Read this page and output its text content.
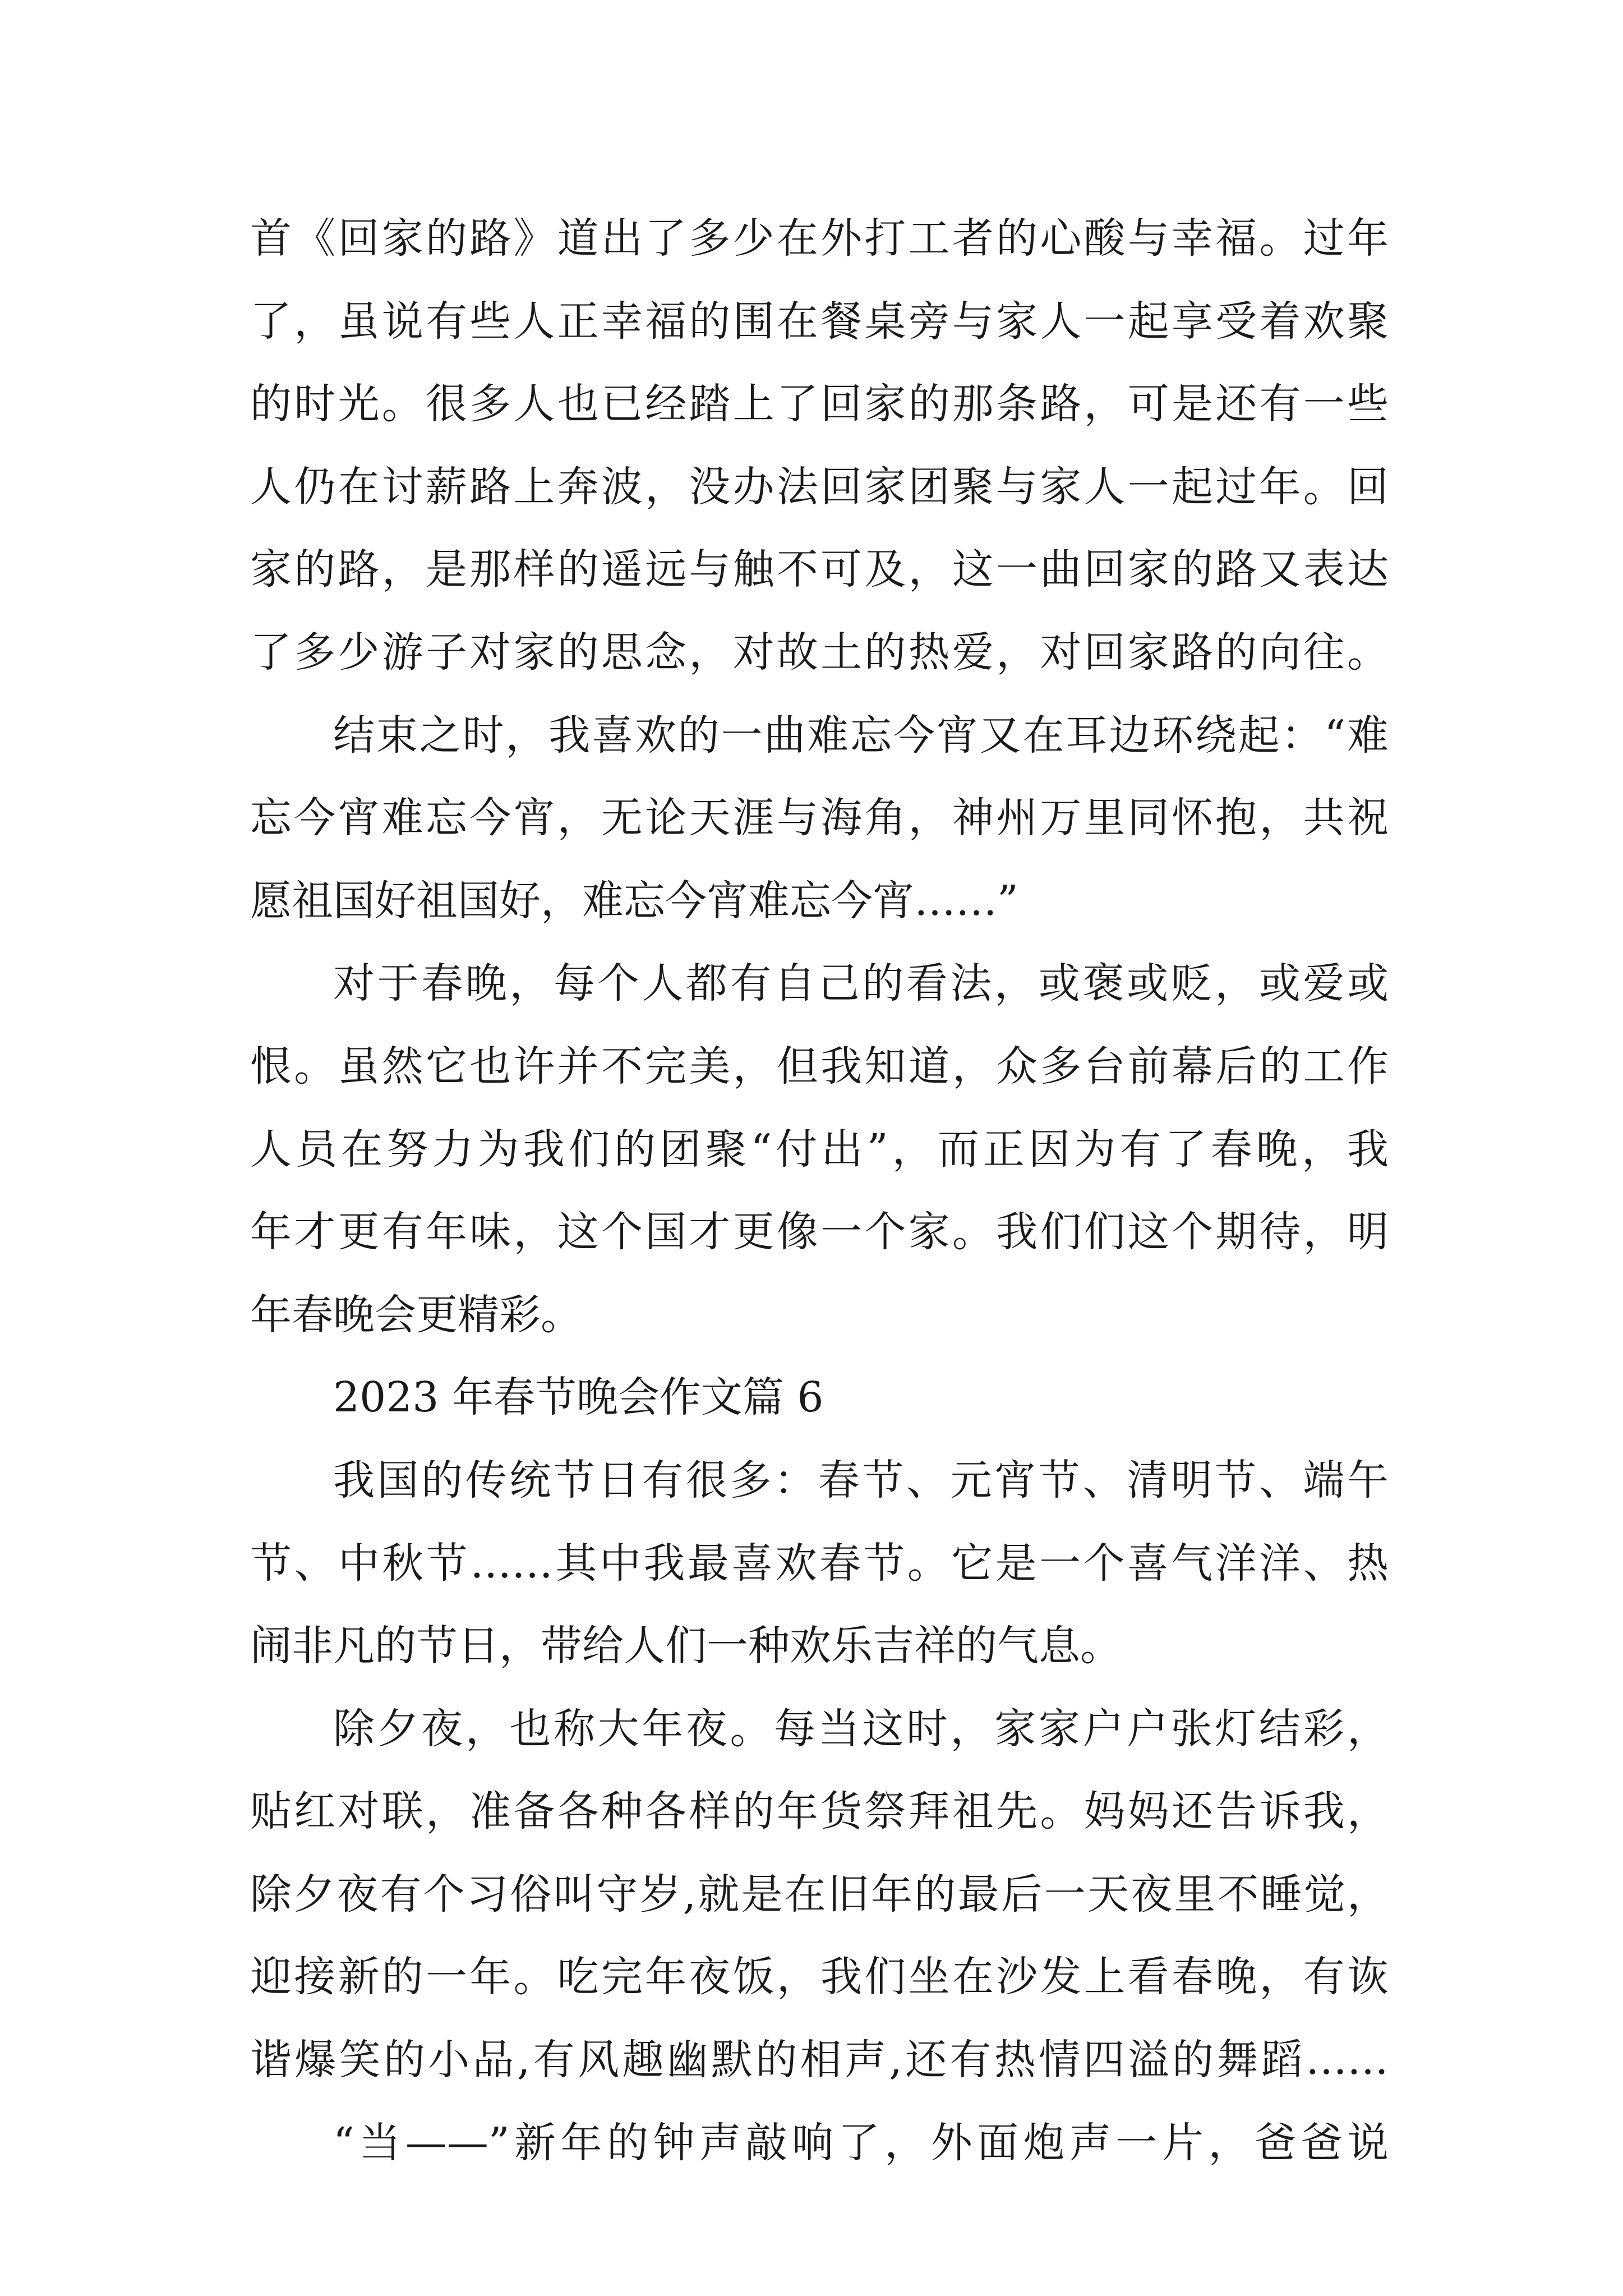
首《回家的路》道出了多少在外打工者的心酸与幸福。过年
了，虽说有些人正幸福的围在餐桌旁与家人一起享受着欢聚
的时光。很多人也已经踏上了回家的那条路，可是还有一些
人仍在讨薪路上奔波，没办法回家团聚与家人一起过年。回
家的路，是那样的遥远与触不可及，这一曲回家的路又表达
了多少游子对家的思念，对故土的热爱，对回家路的向往。
结束之时，我喜欢的一曲难忘今宵又在耳边环绕起：“难
忘今宵难忘今宵，无论天涯与海角，神州万里同怀抱，共祝
愿祖国好祖国好，难忘今宵难忘今宵……”
对于春晚，每个人都有自己的看法，或褒或贬，或爱或
恨。虽然它也许并不完美，但我知道，众多台前幕后的工作
人员在努力为我们的团聚“付出”，而正因为有了春晚，我
年才更有年味，这个国才更像一个家。我们们这个期待，明
年春晚会更精彩。
2023 年春节晚会作文篇 6
我国的传统节日有很多：春节、元宵节、清明节、端午
节、中秋节……其中我最喜欢春节。它是一个喜气洋洋、热
闹非凡的节日，带给人们一种欢乐吉祥的气息。
除夕夜，也称大年夜。每当这时，家家户户张灯结彩，
贴红对联，准备各种各样的年货祭拜祖先。妈妈还告诉我，
除夕夜有个习俗叫守岁,就是在旧年的最后一天夜里不睡觉，
迎接新的一年。吃完年夜饭，我们坐在沙发上看春晚，有诙
谐爆笑的小品,有风趣幽默的相声,还有热情四溢的舞蹈……
“当——”新年的钟声敲响了，外面炮声一片，爸爸说
